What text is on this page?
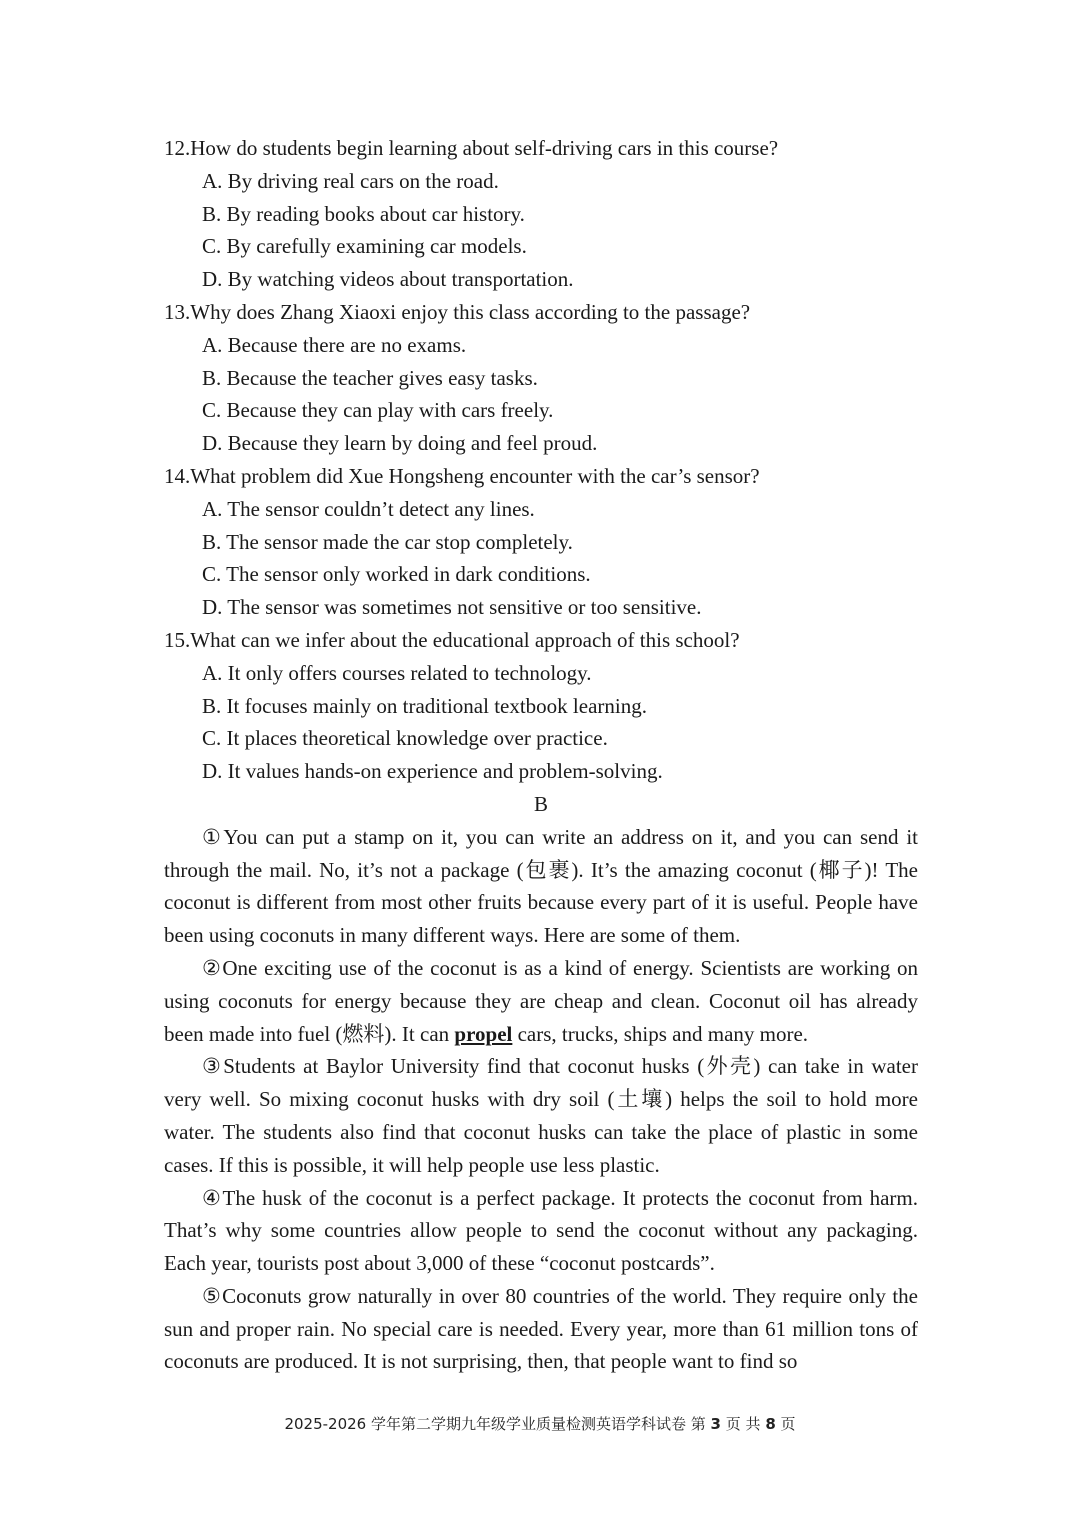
12.How do students begin learning about self-driving cars in this course?
A. By driving real cars on the road.
B. By reading books about car history.
C. By carefully examining car models.
D. By watching videos about transportation.
13.Why does Zhang Xiaoxi enjoy this class according to the passage?
A. Because there are no exams.
B. Because the teacher gives easy tasks.
C. Because they can play with cars freely.
D. Because they learn by doing and feel proud.
14.What problem did Xue Hongsheng encounter with the car’s sensor?
A. The sensor couldn’t detect any lines.
B. The sensor made the car stop completely.
C. The sensor only worked in dark conditions.
D. The sensor was sometimes not sensitive or too sensitive.
15.What can we infer about the educational approach of this school?
A. It only offers courses related to technology.
B. It focuses mainly on traditional textbook learning.
C. It places theoretical knowledge over practice.
D. It values hands-on experience and problem-solving.
B
①You can put a stamp on it, you can write an address on it, and you can send it through the mail. No, it’s not a package (包裹). It’s the amazing coconut (椰子)! The coconut is different from most other fruits because every part of it is useful. People have been using coconuts in many different ways. Here are some of them.
②One exciting use of the coconut is as a kind of energy. Scientists are working on using coconuts for energy because they are cheap and clean. Coconut oil has already been made into fuel (燃料). It can propel cars, trucks, ships and many more.
③Students at Baylor University find that coconut husks (外壳) can take in water very well. So mixing coconut husks with dry soil (土壤) helps the soil to hold more water. The students also find that coconut husks can take the place of plastic in some cases. If this is possible, it will help people use less plastic.
④The husk of the coconut is a perfect package. It protects the coconut from harm. That’s why some countries allow people to send the coconut without any packaging. Each year, tourists post about 3,000 of these “coconut postcards”.
⑤Coconuts grow naturally in over 80 countries of the world. They require only the sun and proper rain. No special care is needed. Every year, more than 61 million tons of coconuts are produced. It is not surprising, then, that people want to find so
2025-2026 学年第二学期九年级学业质量检测英语学科试卷 第 3 页 共 8 页
